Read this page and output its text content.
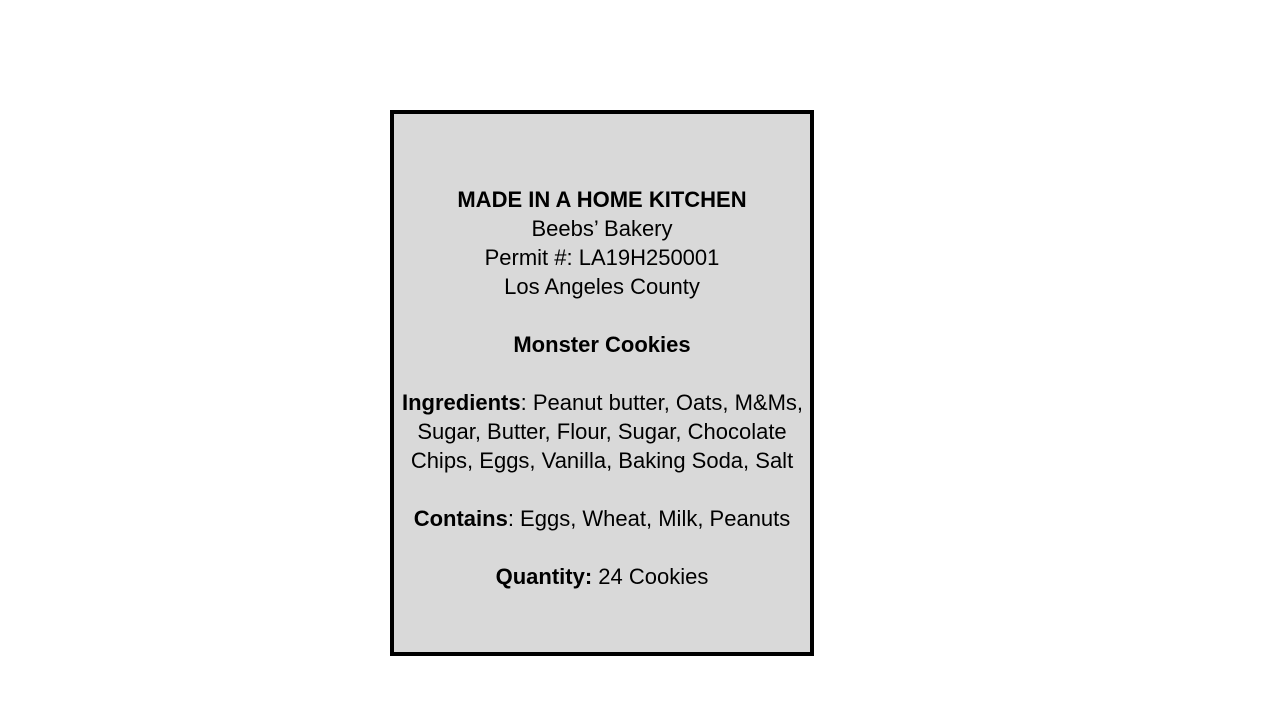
MADE IN A HOME KITCHEN
Beebs’ Bakery
Permit #: LA19H250001
Los Angeles County
Monster Cookies
Ingredients: Peanut butter, Oats, M&Ms,
Sugar, Butter, Flour, Sugar, Chocolate
Chips, Eggs, Vanilla, Baking Soda, Salt
Contains: Eggs, Wheat, Milk, Peanuts
Quantity: 24 Cookies
